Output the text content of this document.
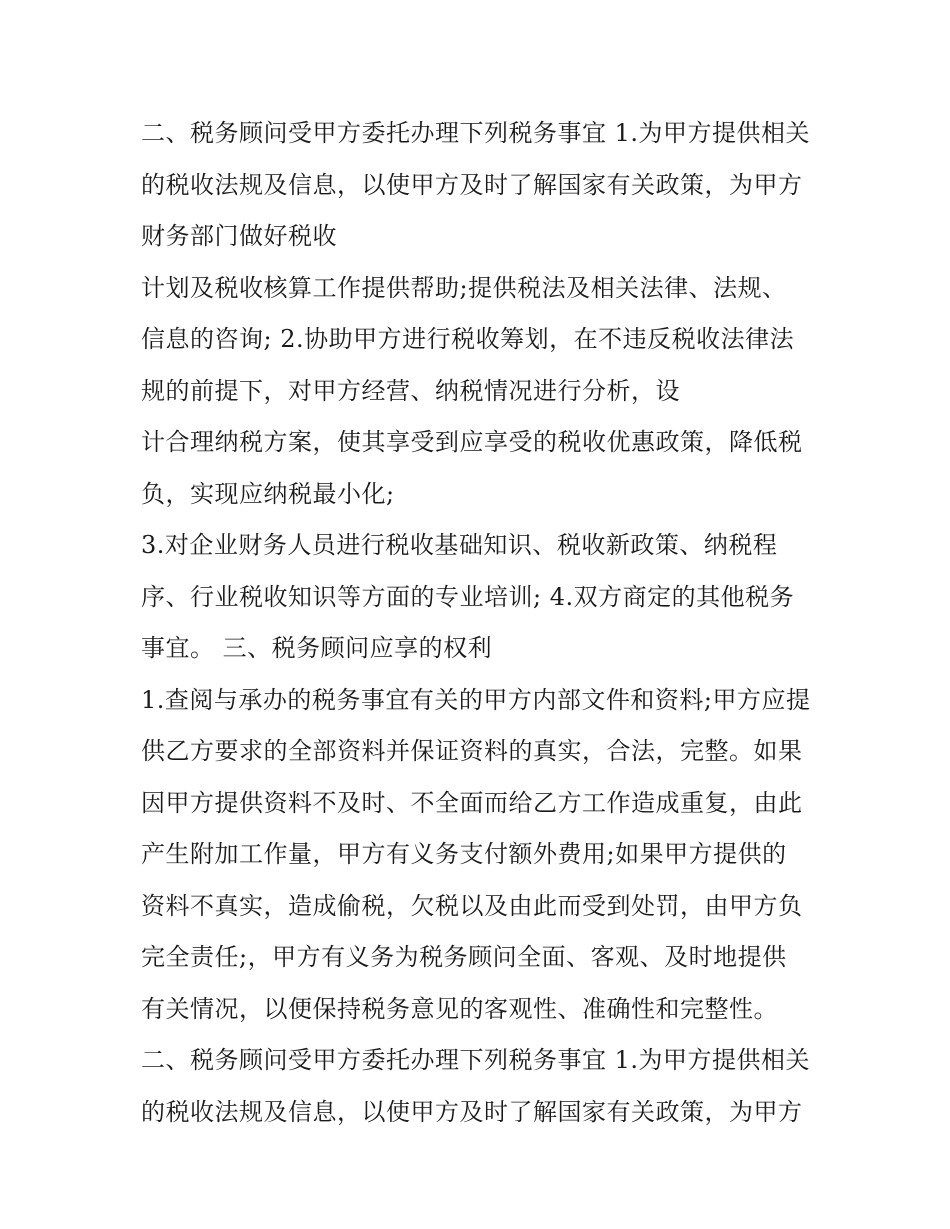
二、税务顾问受甲方委托办理下列税务事宜 1.为甲方提供相关
的税收法规及信息，以使甲方及时了解国家有关政策，为甲方
财务部门做好税收
计划及税收核算工作提供帮助;提供税法及相关法律、法规、
信息的咨询; 2.协助甲方进行税收筹划，在不违反税收法律法
规的前提下，对甲方经营、纳税情况进行分析，设
计合理纳税方案，使其享受到应享受的税收优惠政策，降低税
负，实现应纳税最小化;
3.对企业财务人员进行税收基础知识、税收新政策、纳税程
序、行业税收知识等方面的专业培训; 4.双方商定的其他税务
事宜。 三、税务顾问应享的权利
1.查阅与承办的税务事宜有关的甲方内部文件和资料;甲方应提
供乙方要求的全部资料并保证资料的真实，合法，完整。如果
因甲方提供资料不及时、不全面而给乙方工作造成重复，由此
产生附加工作量，甲方有义务支付额外费用;如果甲方提供的
资料不真实，造成偷税，欠税以及由此而受到处罚，由甲方负
完全责任;，甲方有义务为税务顾问全面、客观、及时地提供
有关情况，以便保持税务意见的客观性、准确性和完整性。
二、税务顾问受甲方委托办理下列税务事宜 1.为甲方提供相关
的税收法规及信息，以使甲方及时了解国家有关政策，为甲方
